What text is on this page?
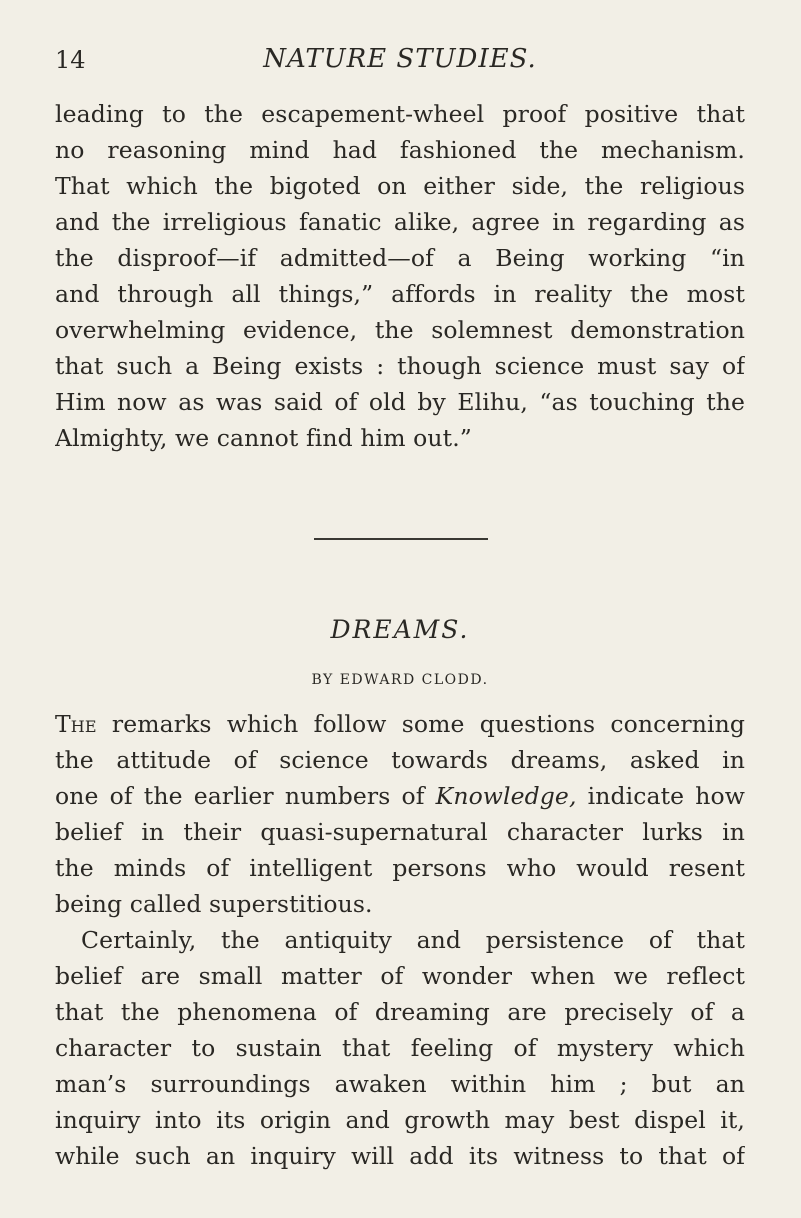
14	NATURE STUDIES.
leading to the escapement-wheel proof positive that
no reasoning mind had fashioned the mechanism.
That which the bigoted on either side, the religious
and the irreligious fanatic alike, agree in regarding as
the disproof—if admitted—of a Being working “in
and through all things,” affords in reality the most
overwhelming evidence, the solemnest demonstration
that such a Being exists : though science must say of
Him now as was said of old by Elihu, “as touching the
Almighty, we cannot find him out.”
DREAMS.
BY EDWARD CLODD.
The remarks which follow some questions concerning
the attitude of science towards dreams, asked in
one of the earlier numbers of Knowledge, indicate how
belief in their quasi-supernatural character lurks in
the minds of intelligent persons who would resent
being called superstitious.
Certainly, the antiquity and persistence of that
belief are small matter of wonder when we reflect
that the phenomena of dreaming are precisely of a
character to sustain that feeling of mystery which
man’s surroundings awaken within him ; but an
inquiry into its origin and growth may best dispel it,
while such an inquiry will add its witness to that of
